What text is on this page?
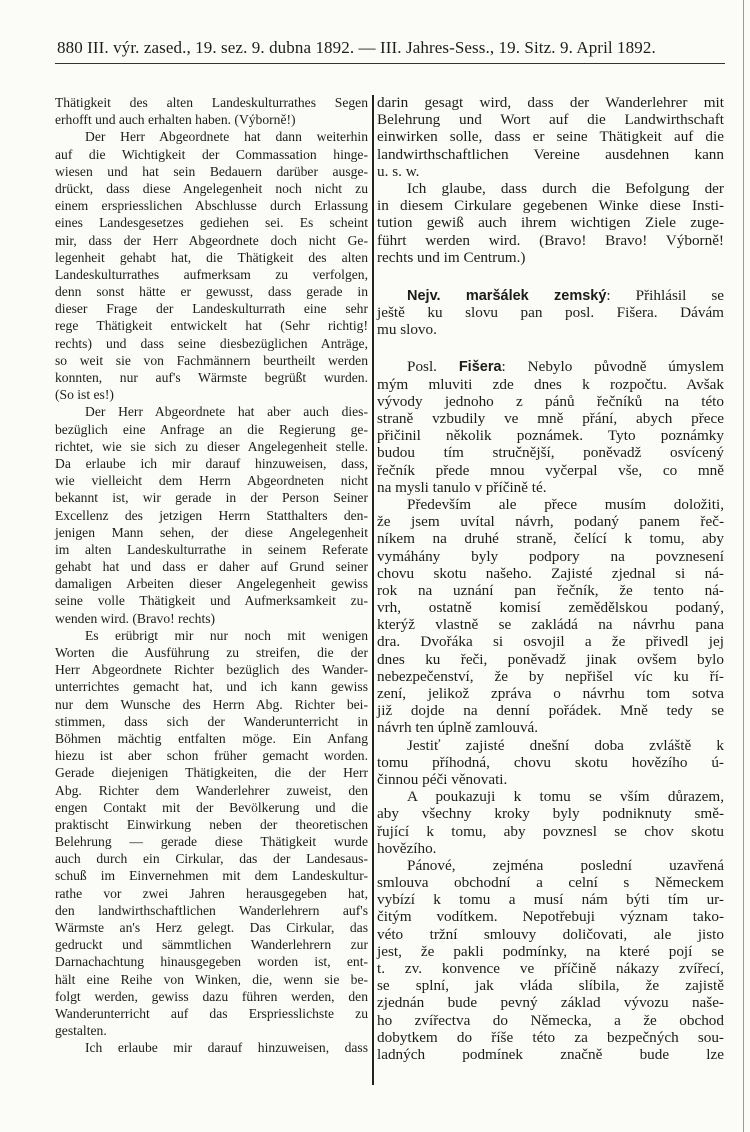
880 III. výr. zased., 19. sez. 9. dubna 1892. — III. Jahres-Sess., 19. Sitz. 9. April 1892.
Thätigkeit des alten Landeskulturrathes Segen
erhofft und auch erhalten haben. (Výborně!)
Der Herr Abgeordnete hat dann weiterhin
auf die Wichtigkeit der Commassation hinge-
wiesen und hat sein Bedauern darüber ausge-
drückt, dass diese Angelegenheit noch nicht zu
einem erspriesslichen Abschlusse durch Erlassung
eines Landesgesetzes gediehen sei. Es scheint
mir, dass der Herr Abgeordnete doch nicht Ge-
legenheit gehabt hat, die Thätigkeit des alten
Landeskulturrathes aufmerksam zu verfolgen,
denn sonst hätte er gewusst, dass gerade in
dieser Frage der Landeskulturrath eine sehr
rege Thätigkeit entwickelt hat (Sehr richtig!
rechts) und dass seine diesbezüglichen Anträge,
so weit sie von Fachmännern beurtheilt werden
konnten, nur auf's Wärmste begrüßt wurden.
(So ist es!)
Der Herr Abgeordnete hat aber auch dies-
bezüglich eine Anfrage an die Regierung ge-
richtet, wie sie sich zu dieser Angelegenheit stelle.
Da erlaube ich mir darauf hinzuweisen, dass,
wie vielleicht dem Herrn Abgeordneten nicht
bekannt ist, wir gerade in der Person Seiner
Excellenz des jetzigen Herrn Statthalters den-
jenigen Mann sehen, der diese Angelegenheit
im alten Landeskulturrathe in seinem Referate
gehabt hat und dass er daher auf Grund seiner
damaligen Arbeiten dieser Angelegenheit gewiss
seine volle Thätigkeit und Aufmerksamkeit zu-
wenden wird. (Bravo! rechts)
Es erübrigt mir nur noch mit wenigen
Worten die Ausführung zu streifen, die der
Herr Abgeordnete Richter bezüglich des Wander-
unterrichtes gemacht hat, und ich kann gewiss
nur dem Wunsche des Herrn Abg. Richter bei-
stimmen, dass sich der Wanderunterricht in
Böhmen mächtig entfalten möge. Ein Anfang
hiezu ist aber schon früher gemacht worden.
Gerade diejenigen Thätigkeiten, die der Herr
Abg. Richter dem Wanderlehrer zuweist, den
engen Contakt mit der Bevölkerung und die
praktischt Einwirkung neben der theoretischen
Belehrung — gerade diese Thätigkeit wurde
auch durch ein Cirkular, das der Landesaus-
schuß im Einvernehmen mit dem Landeskultur-
rathe vor zwei Jahren herausgegeben hat,
den landwirthschaftlichen Wanderlehrern auf's
Wärmste an's Herz gelegt. Das Cirkular, das
gedruckt und sämmtlichen Wanderlehrern zur
Darnachachtung hinausgegeben worden ist, ent-
hält eine Reihe von Winken, die, wenn sie be-
folgt werden, gewiss dazu führen werden, den
Wanderunterricht auf das Erspriesslichste zu
gestalten.
Ich erlaube mir darauf hinzuweisen, dass
darin gesagt wird, dass der Wanderlehrer mit
Belehrung und Wort auf die Landwirthschaft
einwirken solle, dass er seine Thätigkeit auf die
landwirthschaftlichen Vereine ausdehnen kann
u. s. w.
Ich glaube, dass durch die Befolgung der
in diesem Cirkulare gegebenen Winke diese Insti-
tution gewiß auch ihrem wichtigen Ziele zuge-
führt werden wird. (Bravo! Bravo! Výborně!
rechts und im Centrum.)
Nejv. maršálek zemský: Přihlásil se
ještě ku slovu pan posl. Fišera. Dávám
mu slovo.
Posl. Fišera: Nebylo původně úmyslem
mým mluviti zde dnes k rozpočtu. Avšak
vývody jednoho z pánů řečníků na této
straně vzbudily ve mně přání, abych přece
přičinil několik poznámek. Tyto poznámky
budou tím stručnější, poněvadž osvícený
řečník přede mnou vyčerpal vše, co mně
na mysli tanulo v příčině té.
Především ale přece musím doložiti,
že jsem uvítal návrh, podaný panem řeč-
níkem na druhé straně, čelící k tomu, aby
vymáhány byly podpory na povznesení
chovu skotu našeho. Zajisté zjednal si ná-
rok na uznání pan řečník, že tento ná-
vrh, ostatně komisí zemědělskou podaný,
kterýž vlastně se zakládá na návrhu pana
dra. Dvořáka si osvojil a že přivedl jej
dnes ku řeči, poněvadž jinak ovšem bylo
nebezpečenství, že by nepřišel víc ku ří-
zení, jelikož zpráva o návrhu tom sotva
již dojde na denní pořádek. Mně tedy se
návrh ten úplně zamlouvá.
Jestiť zajisté dnešní doba zvláště k
tomu příhodná, chovu skotu hovězího ú-
činnou péči věnovati.
A poukazuji k tomu se vším důrazem,
aby všechny kroky byly podniknuty smě-
řující k tomu, aby povznesl se chov skotu
hovězího.
Pánové, zejména poslední uzavřená
smlouva obchodní a celní s Německem
vybízí k tomu a musí nám býti tím ur-
čitým vodítkem. Nepotřebuji význam tako-
véto tržní smlouvy doličovati, ale jisto
jest, že pakli podmínky, na které pojí se
t. zv. konvence ve příčině nákazy zvířecí,
se splní, jak vláda slíbila, že zajistě
zjednán bude pevný základ vývozu naše-
ho zvířectva do Německa, a že obchod
dobytkem do říše této za bezpečných sou-
ladných podmínek značně bude lze
